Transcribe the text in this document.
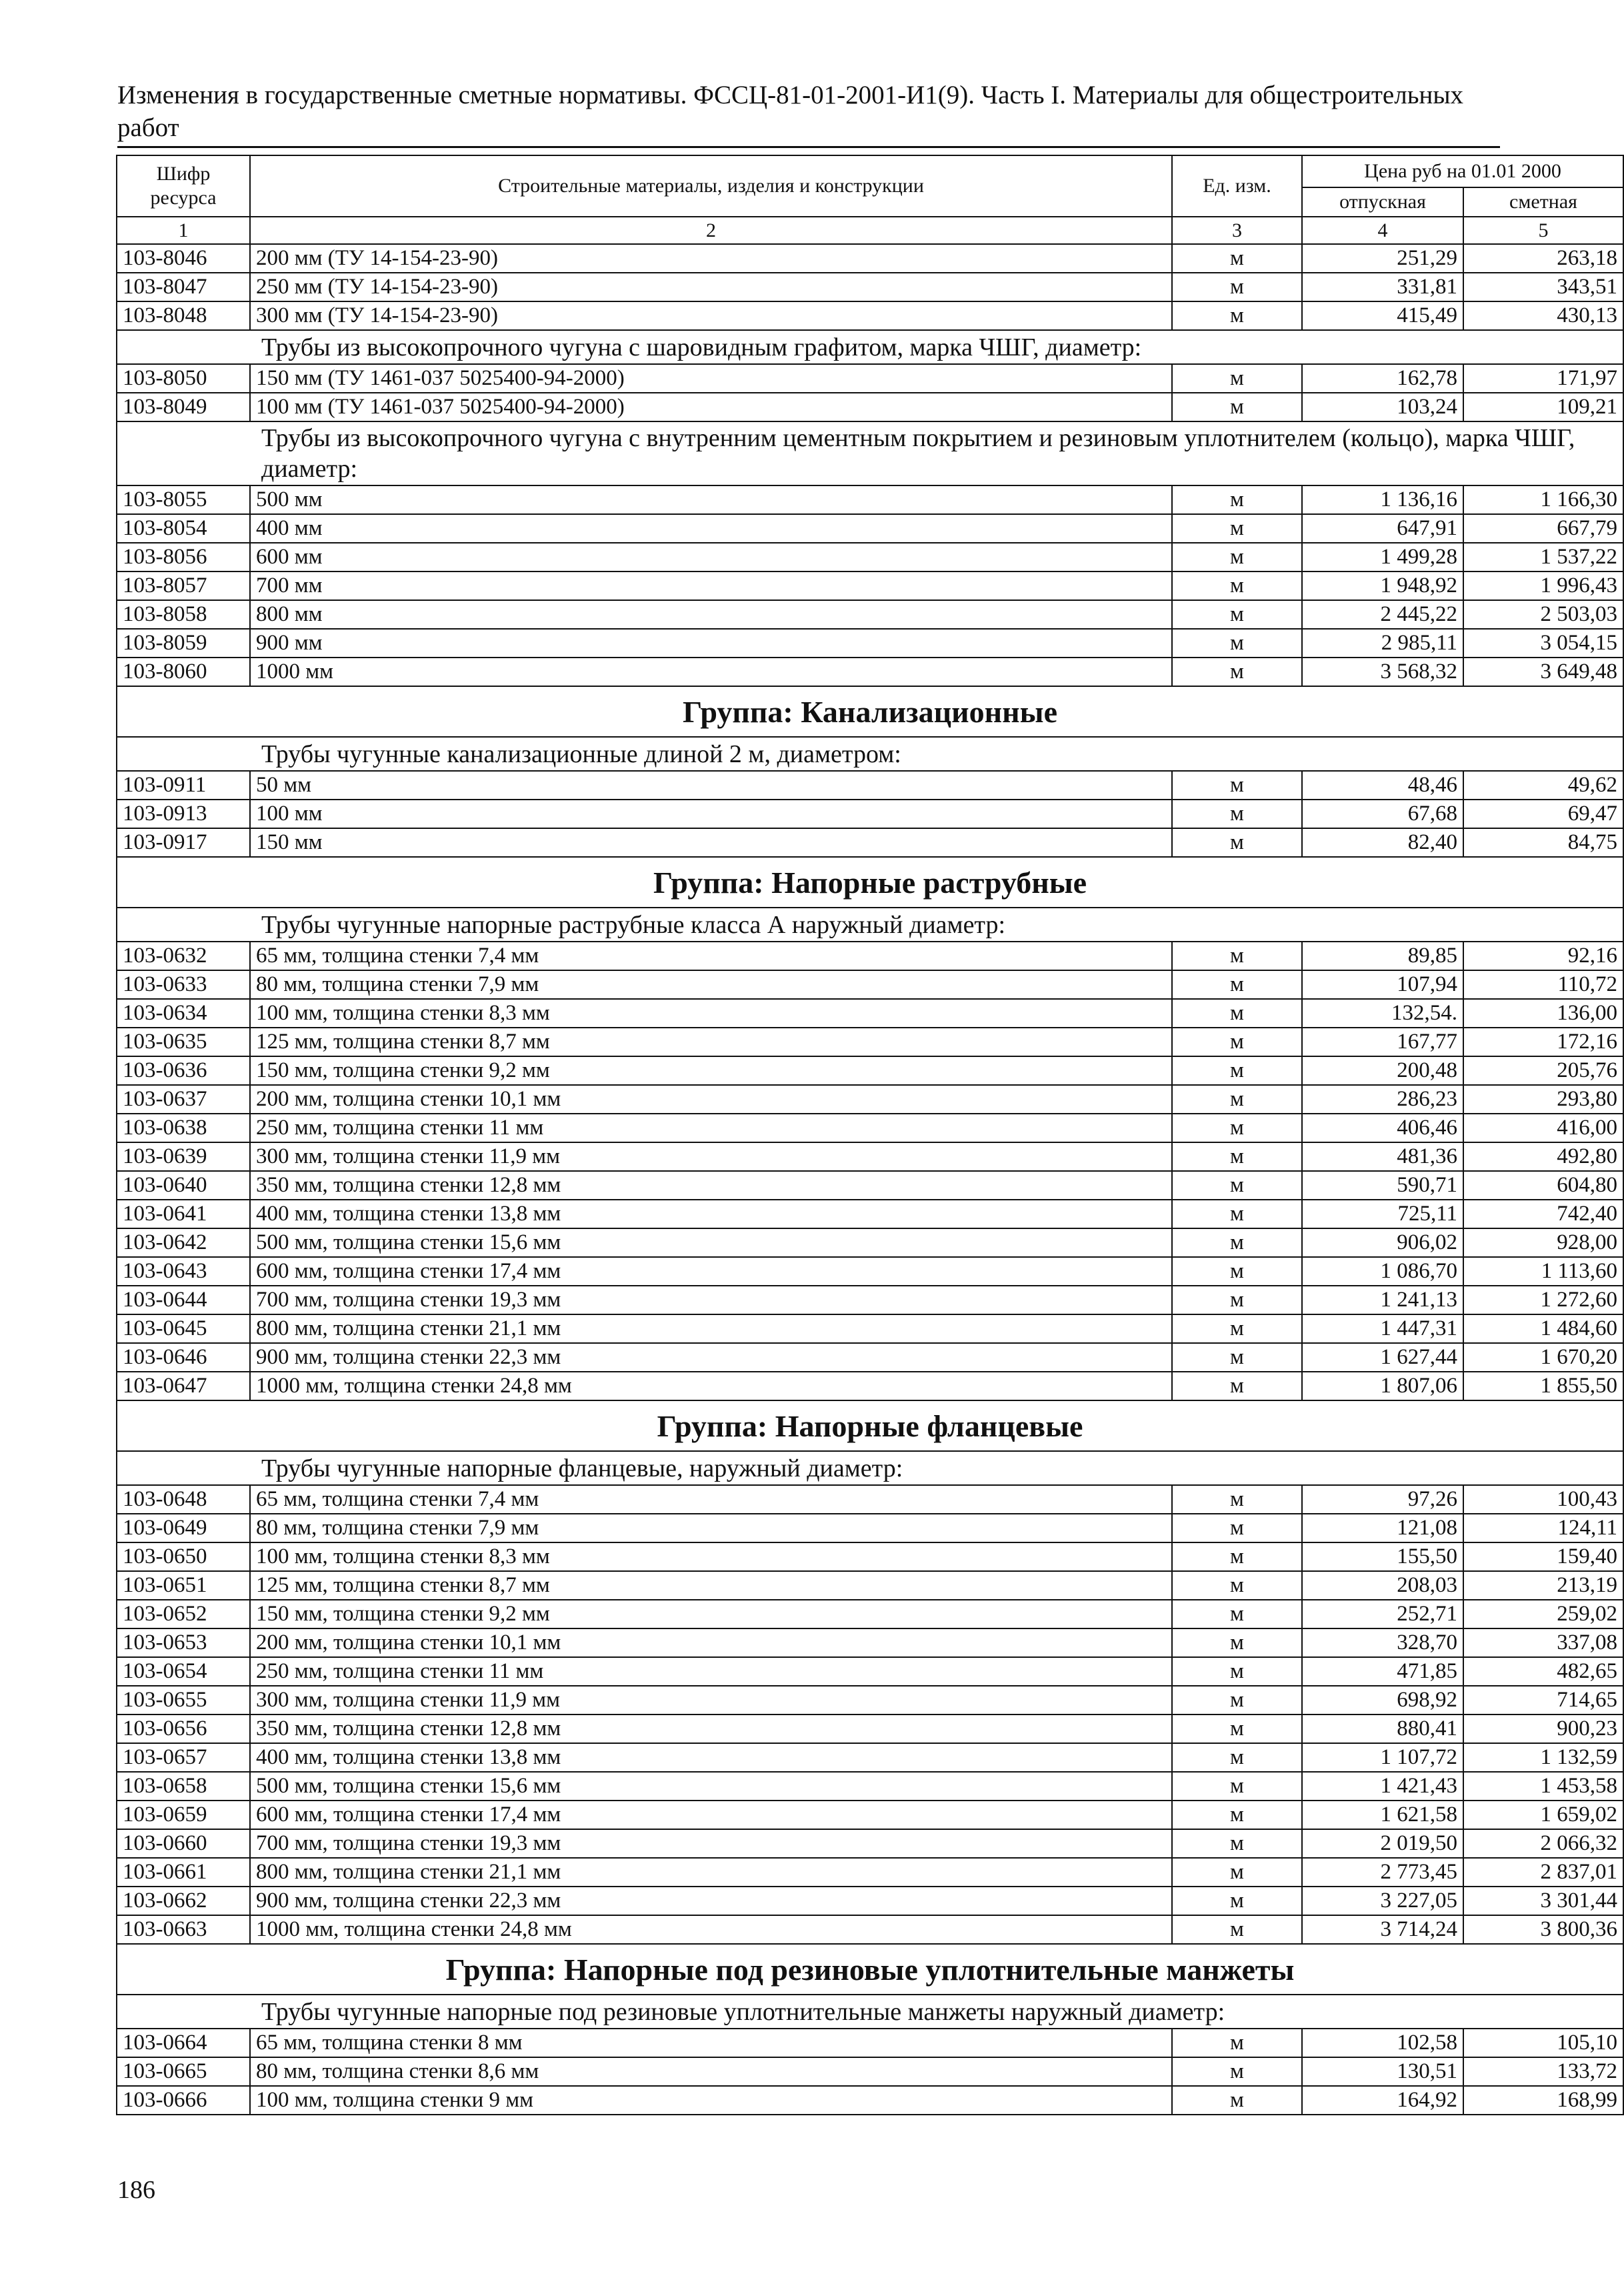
Изменения в государственные сметные нормативы. ФССЦ-81-01-2001-И1(9). Часть I. Материалы для общестроительных работ
Шифр ресурса	Строительные материалы, изделия и конструкции	Ед. изм.	Цена руб на 01.01 2000	
			отпускная	сметная
1	2	3	4	5
103-8046	200 мм (ТУ 14-154-23-90)	м	251,29	263,18
103-8047	250 мм (ТУ 14-154-23-90)	м	331,81	343,51
103-8048	300 мм (ТУ 14-154-23-90)	м	415,49	430,13
Трубы из высокопрочного чугуна с шаровидным графитом, марка ЧШГ, диаметр:				
103-8050	150 мм (ТУ 1461-037 5025400-94-2000)	м	162,78	171,97
103-8049	100 мм (ТУ 1461-037 5025400-94-2000)	м	103,24	109,21
Трубы из высокопрочного чугуна с внутренним цементным покрытием и резиновым уплотнителем (кольцо), марка ЧШГ, диаметр:				
103-8055	500 мм	м	1 136,16	1 166,30
103-8054	400 мм	м	647,91	667,79
103-8056	600 мм	м	1 499,28	1 537,22
103-8057	700 мм	м	1 948,92	1 996,43
103-8058	800 мм	м	2 445,22	2 503,03
103-8059	900 мм	м	2 985,11	3 054,15
103-8060	1000 мм	м	3 568,32	3 649,48
Группа: Канализационные				
Трубы чугунные канализационные длиной 2 м, диаметром:				
103-0911	50 мм	м	48,46	49,62
103-0913	100 мм	м	67,68	69,47
103-0917	150 мм	м	82,40	84,75
Группа: Напорные раструбные				
Трубы чугунные напорные раструбные класса А наружный диаметр:				
103-0632	65 мм, толщина стенки 7,4 мм	м	89,85	92,16
103-0633	80 мм, толщина стенки 7,9 мм	м	107,94	110,72
103-0634	100 мм, толщина стенки 8,3 мм	м	132,54.	136,00
103-0635	125 мм, толщина стенки 8,7 мм	м	167,77	172,16
103-0636	150 мм, толщина стенки 9,2 мм	м	200,48	205,76
103-0637	200 мм, толщина стенки 10,1 мм	м	286,23	293,80
103-0638	250 мм, толщина стенки 11 мм	м	406,46	416,00
103-0639	300 мм, толщина стенки 11,9 мм	м	481,36	492,80
103-0640	350 мм, толщина стенки 12,8 мм	м	590,71	604,80
103-0641	400 мм, толщина стенки 13,8 мм	м	725,11	742,40
103-0642	500 мм, толщина стенки 15,6 мм	м	906,02	928,00
103-0643	600 мм, толщина стенки 17,4 мм	м	1 086,70	1 113,60
103-0644	700 мм, толщина стенки 19,3 мм	м	1 241,13	1 272,60
103-0645	800 мм, толщина стенки 21,1 мм	м	1 447,31	1 484,60
103-0646	900 мм, толщина стенки 22,3 мм	м	1 627,44	1 670,20
103-0647	1000 мм, толщина стенки 24,8 мм	м	1 807,06	1 855,50
Группа: Напорные фланцевые				
Трубы чугунные напорные фланцевые, наружный диаметр:				
103-0648	65 мм, толщина стенки 7,4 мм	м	97,26	100,43
103-0649	80 мм, толщина стенки 7,9 мм	м	121,08	124,11
103-0650	100 мм, толщина стенки 8,3 мм	м	155,50	159,40
103-0651	125 мм, толщина стенки 8,7 мм	м	208,03	213,19
103-0652	150 мм, толщина стенки 9,2 мм	м	252,71	259,02
103-0653	200 мм, толщина стенки 10,1 мм	м	328,70	337,08
103-0654	250 мм, толщина стенки 11 мм	м	471,85	482,65
103-0655	300 мм, толщина стенки 11,9 мм	м	698,92	714,65
103-0656	350 мм, толщина стенки 12,8 мм	м	880,41	900,23
103-0657	400 мм, толщина стенки 13,8 мм	м	1 107,72	1 132,59
103-0658	500 мм, толщина стенки 15,6 мм	м	1 421,43	1 453,58
103-0659	600 мм, толщина стенки 17,4 мм	м	1 621,58	1 659,02
103-0660	700 мм, толщина стенки 19,3 мм	м	2 019,50	2 066,32
103-0661	800 мм, толщина стенки 21,1 мм	м	2 773,45	2 837,01
103-0662	900 мм, толщина стенки 22,3 мм	м	3 227,05	3 301,44
103-0663	1000 мм, толщина стенки 24,8 мм	м	3 714,24	3 800,36
Группа: Напорные под резиновые уплотнительные манжеты				
Трубы чугунные напорные под резиновые уплотнительные манжеты наружный диаметр:				
103-0664	65 мм, толщина стенки 8 мм	м	102,58	105,10
103-0665	80 мм, толщина стенки 8,6 мм	м	130,51	133,72
103-0666	100 мм, толщина стенки 9 мм	м	164,92	168,99
186
